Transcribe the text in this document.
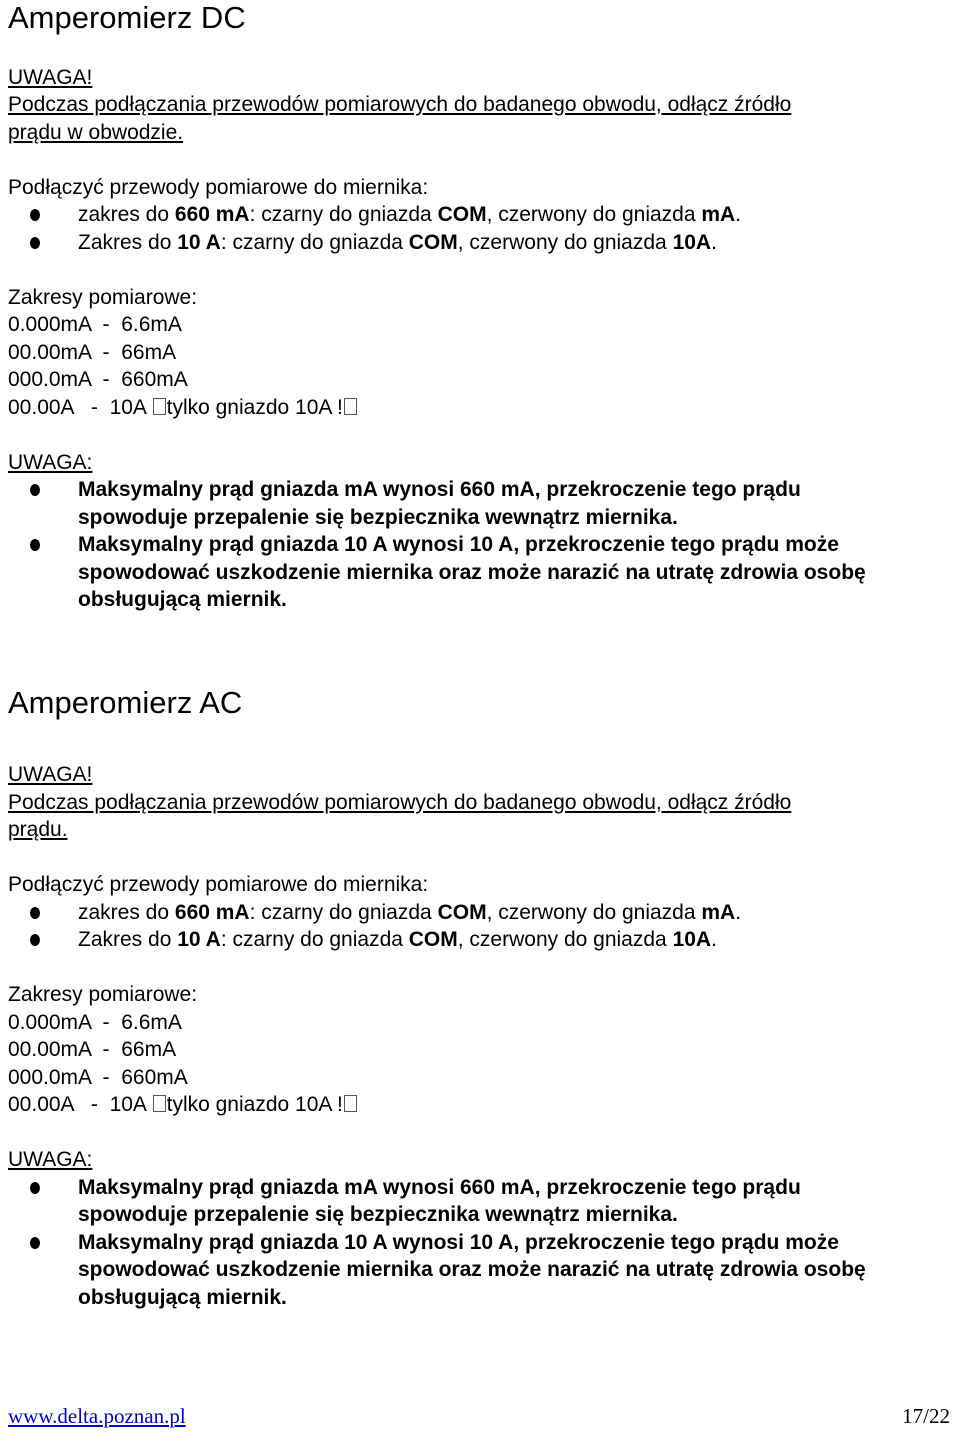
Amperomierz DC
UWAGA!
Podczas podłączania przewodów pomiarowych do badanego obwodu, odłącz źródło
prądu w obwodzie.
Podłączyć przewody pomiarowe do miernika:
zakres do 660 mA: czarny do gniazda COM, czerwony do gniazda mA.
Zakres do 10 A: czarny do gniazda COM, czerwony do gniazda 10A.
Zakresy pomiarowe:
0.000mA  -  6.6mA
00.00mA  -  66mA
000.0mA  -  660mA
00.00A   -  10A tylko gniazdo 10A !
UWAGA:
Maksymalny prąd gniazda mA wynosi 660 mA, przekroczenie tego prądu spowoduje przepalenie się bezpiecznika wewnątrz miernika.
Maksymalny prąd gniazda 10 A wynosi 10 A, przekroczenie tego prądu może spowodować uszkodzenie miernika oraz może narazić na utratę zdrowia osobę obsługującą miernik.
Amperomierz AC
UWAGA!
Podczas podłączania przewodów pomiarowych do badanego obwodu, odłącz źródło
prądu.
Podłączyć przewody pomiarowe do miernika:
zakres do 660 mA: czarny do gniazda COM, czerwony do gniazda mA.
Zakres do 10 A: czarny do gniazda COM, czerwony do gniazda 10A.
Zakresy pomiarowe:
0.000mA  -  6.6mA
00.00mA  -  66mA
000.0mA  -  660mA
00.00A   -  10A tylko gniazdo 10A !
UWAGA:
Maksymalny prąd gniazda mA wynosi 660 mA, przekroczenie tego prądu spowoduje przepalenie się bezpiecznika wewnątrz miernika.
Maksymalny prąd gniazda 10 A wynosi 10 A, przekroczenie tego prądu może spowodować uszkodzenie miernika oraz może narazić na utratę zdrowia osobę obsługującą miernik.
www.delta.poznan.pl	17/22
